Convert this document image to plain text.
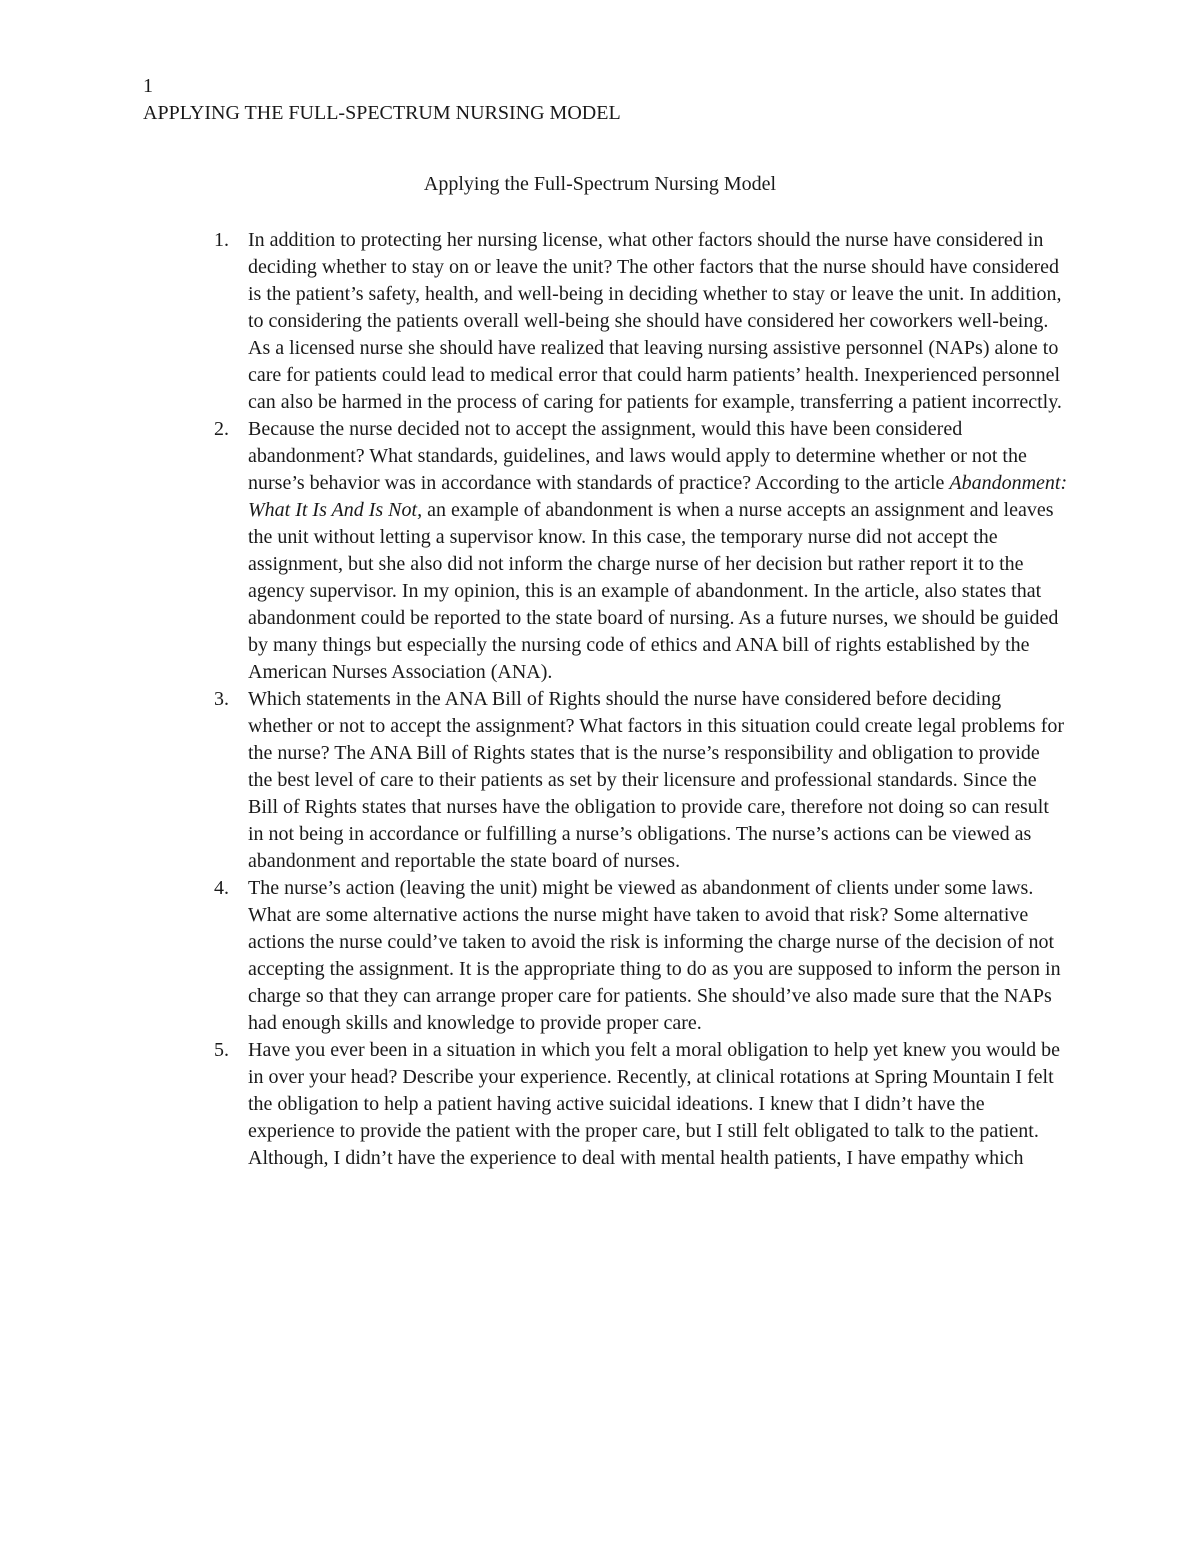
1
APPLYING THE FULL-SPECTRUM NURSING MODEL
Applying the Full-Spectrum Nursing Model
1. In addition to protecting her nursing license, what other factors should the nurse have considered in deciding whether to stay on or leave the unit? The other factors that the nurse should have considered is the patient’s safety, health, and well-being in deciding whether to stay or leave the unit. In addition, to considering the patients overall well-being she should have considered her coworkers well-being. As a licensed nurse she should have realized that leaving nursing assistive personnel (NAPs) alone to care for patients could lead to medical error that could harm patients’ health. Inexperienced personnel can also be harmed in the process of caring for patients for example, transferring a patient incorrectly.
2. Because the nurse decided not to accept the assignment, would this have been considered abandonment? What standards, guidelines, and laws would apply to determine whether or not the nurse’s behavior was in accordance with standards of practice? According to the article Abandonment: What It Is And Is Not, an example of abandonment is when a nurse accepts an assignment and leaves the unit without letting a supervisor know. In this case, the temporary nurse did not accept the assignment, but she also did not inform the charge nurse of her decision but rather report it to the agency supervisor. In my opinion, this is an example of abandonment. In the article, also states that abandonment could be reported to the state board of nursing. As a future nurses, we should be guided by many things but especially the nursing code of ethics and ANA bill of rights established by the American Nurses Association (ANA).
3. Which statements in the ANA Bill of Rights should the nurse have considered before deciding whether or not to accept the assignment? What factors in this situation could create legal problems for the nurse? The ANA Bill of Rights states that is the nurse’s responsibility and obligation to provide the best level of care to their patients as set by their licensure and professional standards. Since the Bill of Rights states that nurses have the obligation to provide care, therefore not doing so can result in not being in accordance or fulfilling a nurse’s obligations. The nurse’s actions can be viewed as abandonment and reportable the state board of nurses.
4. The nurse’s action (leaving the unit) might be viewed as abandonment of clients under some laws. What are some alternative actions the nurse might have taken to avoid that risk? Some alternative actions the nurse could’ve taken to avoid the risk is informing the charge nurse of the decision of not accepting the assignment. It is the appropriate thing to do as you are supposed to inform the person in charge so that they can arrange proper care for patients. She should’ve also made sure that the NAPs had enough skills and knowledge to provide proper care.
5. Have you ever been in a situation in which you felt a moral obligation to help yet knew you would be in over your head? Describe your experience. Recently, at clinical rotations at Spring Mountain I felt the obligation to help a patient having active suicidal ideations. I knew that I didn’t have the experience to provide the patient with the proper care, but I still felt obligated to talk to the patient. Although, I didn’t have the experience to deal with mental health patients, I have empathy which
